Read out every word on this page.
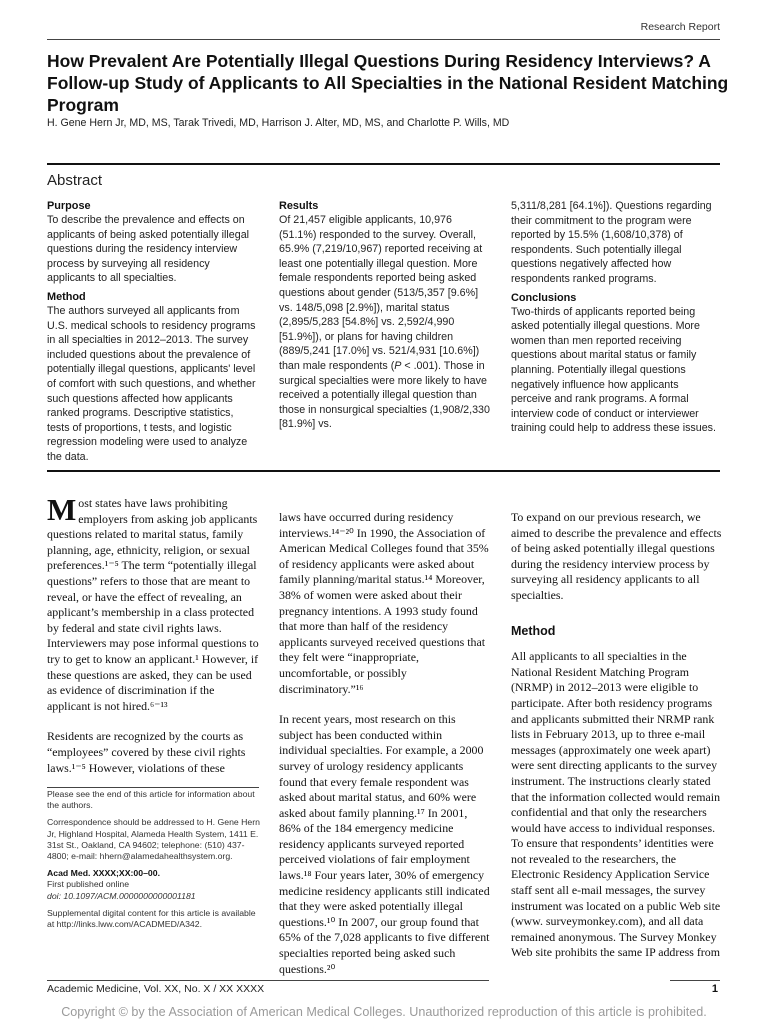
Research Report
How Prevalent Are Potentially Illegal Questions During Residency Interviews? A Follow-up Study of Applicants to All Specialties in the National Resident Matching Program
H. Gene Hern Jr, MD, MS, Tarak Trivedi, MD, Harrison J. Alter, MD, MS, and Charlotte P. Wills, MD
Abstract
Purpose

To describe the prevalence and effects on applicants of being asked potentially illegal questions during the residency interview process by surveying all residency applicants to all specialties.

Method

The authors surveyed all applicants from U.S. medical schools to residency programs in all specialties in 2012–2013. The survey included questions about the prevalence of potentially illegal questions, applicants' level of comfort with such questions, and whether such questions affected how applicants ranked programs. Descriptive statistics, tests of proportions, t tests, and logistic regression modeling were used to analyze the data.

Results

Of 21,457 eligible applicants, 10,976 (51.1%) responded to the survey. Overall, 65.9% (7,219/10,967) reported receiving at least one potentially illegal question. More female respondents reported being asked questions about gender (513/5,357 [9.6%] vs. 148/5,098 [2.9%]), marital status (2,895/5,283 [54.8%] vs. 2,592/4,990 [51.9%]), or plans for having children (889/5,241 [17.0%] vs. 521/4,931 [10.6%]) than male respondents (P < .001). Those in surgical specialties were more likely to have received a potentially illegal question than those in nonsurgical specialties (1,908/2,330 [81.9%] vs.

5,311/8,281 [64.1%]). Questions regarding their commitment to the program were reported by 15.5% (1,608/10,378) of respondents. Such potentially illegal questions negatively affected how respondents ranked programs.

Conclusions

Two-thirds of applicants reported being asked potentially illegal questions. More women than men reported receiving questions about marital status or family planning. Potentially illegal questions negatively influence how applicants perceive and rank programs. A formal interview code of conduct or interviewer training could help to address these issues.

Most states have laws prohibiting employers from asking job applicants questions related to marital status, family planning, age, ethnicity, religion, or sexual preferences.¹⁻⁵ The term “potentially illegal questions” refers to those that are meant to reveal, or have the effect of revealing, an applicant’s membership in a class protected by federal and state civil rights laws. Interviewers may pose informal questions to try to get to know an applicant.¹ However, if these questions are asked, they can be used as evidence of discrimination if the applicant is not hired.⁶⁻¹³

Residents are recognized by the courts as “employees” covered by these civil rights laws.¹⁻⁵ However, violations of these

Please see the end of this article for information about the authors.

Correspondence should be addressed to H. Gene Hern Jr, Highland Hospital, Alameda Health System, 1411 E. 31st St., Oakland, CA 94602; telephone: (510) 437-4800; e-mail: hhern@alamedahealthsystem.org.

Acad Med. XXXX;XX:00–00.
First published online
doi: 10.1097/ACM.0000000000001181

Supplemental digital content for this article is available at http://links.lww.com/ACADMED/A342.

laws have occurred during residency interviews.¹⁴⁻²⁰ In 1990, the Association of American Medical Colleges found that 35% of residency applicants were asked about family planning/marital status.¹⁴ Moreover, 38% of women were asked about their pregnancy intentions. A 1993 study found that more than half of the residency applicants surveyed received questions that they felt were “inappropriate, uncomfortable, or possibly discriminatory.”¹⁶

In recent years, most research on this subject has been conducted within individual specialties. For example, a 2000 survey of urology residency applicants found that every female respondent was asked about marital status, and 60% were asked about family planning.¹⁷ In 2001, 86% of the 184 emergency medicine residency applicants surveyed reported perceived violations of fair employment laws.¹⁸ Four years later, 30% of emergency medicine residency applicants still indicated that they were asked potentially illegal questions.¹⁰ In 2007, our group found that 65% of the 7,028 applicants to five different specialties reported being asked such questions.²⁰

To expand on our previous research, we aimed to describe the prevalence and effects of being asked potentially illegal questions during the residency interview process by surveying all residency applicants to all specialties.

Method

All applicants to all specialties in the National Resident Matching Program (NRMP) in 2012–2013 were eligible to participate. After both residency programs and applicants submitted their NRMP rank lists in February 2013, up to three e-mail messages (approximately one week apart) were sent directing applicants to the survey instrument. The instructions clearly stated that the information collected would remain confidential and that only the researchers would have access to individual responses. To ensure that respondents’ identities were not revealed to the researchers, the Electronic Residency Application Service staff sent all e-mail messages, the survey instrument was located on a public Web site (www. surveymonkey.com), and all data remained anonymous. The Survey Monkey Web site prohibits the same IP address from

Academic Medicine, Vol. XX, No. X / XX XXXX	1
Copyright © by the Association of American Medical Colleges. Unauthorized reproduction of this article is prohibited.
